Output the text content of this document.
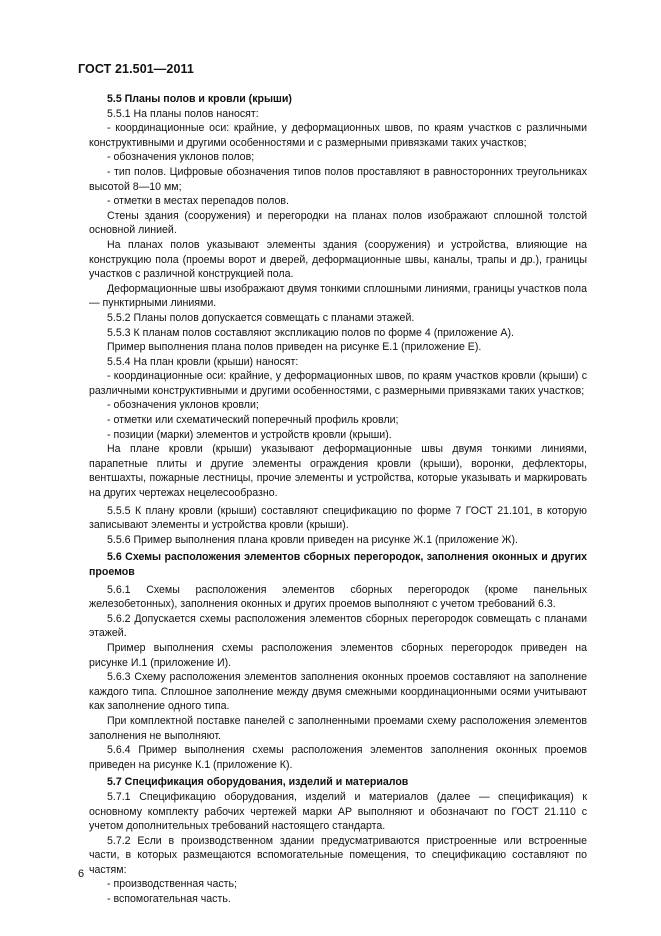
ГОСТ 21.501—2011

5.5 Планы полов и кровли (крыши)

5.5.1 На планы полов наносят:

- координационные оси: крайние, у деформационных швов, по краям участков с различными конструктивными и другими особенностями и с размерными привязками таких участков;

- обозначения уклонов полов;

- тип полов. Цифровые обозначения типов полов проставляют в равносторонних треугольниках высотой 8—10 мм;

- отметки в местах перепадов полов.

Стены здания (сооружения) и перегородки на планах полов изображают сплошной толстой основной линией.

На планах полов указывают элементы здания (сооружения) и устройства, влияющие на конструкцию пола (проемы ворот и дверей, деформационные швы, каналы, трапы и др.), границы участков с различной конструкцией пола.

Деформационные швы изображают двумя тонкими сплошными линиями, границы участков пола — пунктирными линиями.

5.5.2 Планы полов допускается совмещать с планами этажей.

5.5.3 К планам полов составляют экспликацию полов по форме 4 (приложение А).

Пример выполнения плана полов приведен на рисунке Е.1 (приложение Е).

5.5.4 На план кровли (крыши) наносят:

- координационные оси: крайние, у деформационных швов, по краям участков кровли (крыши) с различными конструктивными и другими особенностями, с размерными привязками таких участков;

- обозначения уклонов кровли;

- отметки или схематический поперечный профиль кровли;

- позиции (марки) элементов и устройств кровли (крыши).

На плане кровли (крыши) указывают деформационные швы двумя тонкими линиями, парапетные плиты и другие элементы ограждения кровли (крыши), воронки, дефлекторы, вентшахты, пожарные лестницы, прочие элементы и устройства, которые указывать и маркировать на других чертежах нецелесообразно.

5.5.5 К плану кровли (крыши) составляют спецификацию по форме 7 ГОСТ 21.101, в которую записывают элементы и устройства кровли (крыши).

5.5.6 Пример выполнения плана кровли приведен на рисунке Ж.1 (приложение Ж).

5.6 Схемы расположения элементов сборных перегородок, заполнения оконных и других проемов

5.6.1 Схемы расположения элементов сборных перегородок (кроме панельных железобетонных), заполнения оконных и других проемов выполняют с учетом требований 6.3.

5.6.2 Допускается схемы расположения элементов сборных перегородок совмещать с планами этажей.

Пример выполнения схемы расположения элементов сборных перегородок приведен на рисунке И.1 (приложение И).

5.6.3 Схему расположения элементов заполнения оконных проемов составляют на заполнение каждого типа. Сплошное заполнение между двумя смежными координационными осями учитывают как заполнение одного типа.

При комплектной поставке панелей с заполненными проемами схему расположения элементов заполнения не выполняют.

5.6.4 Пример выполнения схемы расположения элементов заполнения оконных проемов приведен на рисунке К.1 (приложение К).

5.7 Спецификация оборудования, изделий и материалов

5.7.1 Спецификацию оборудования, изделий и материалов (далее — спецификация) к основному комплекту рабочих чертежей марки АР выполняют и обозначают по ГОСТ 21.110 с учетом дополнительных требований настоящего стандарта.

5.7.2 Если в производственном здании предусматриваются пристроенные или встроенные части, в которых размещаются вспомогательные помещения, то спецификацию составляют по частям:

- производственная часть;

- вспомогательная часть.

6
